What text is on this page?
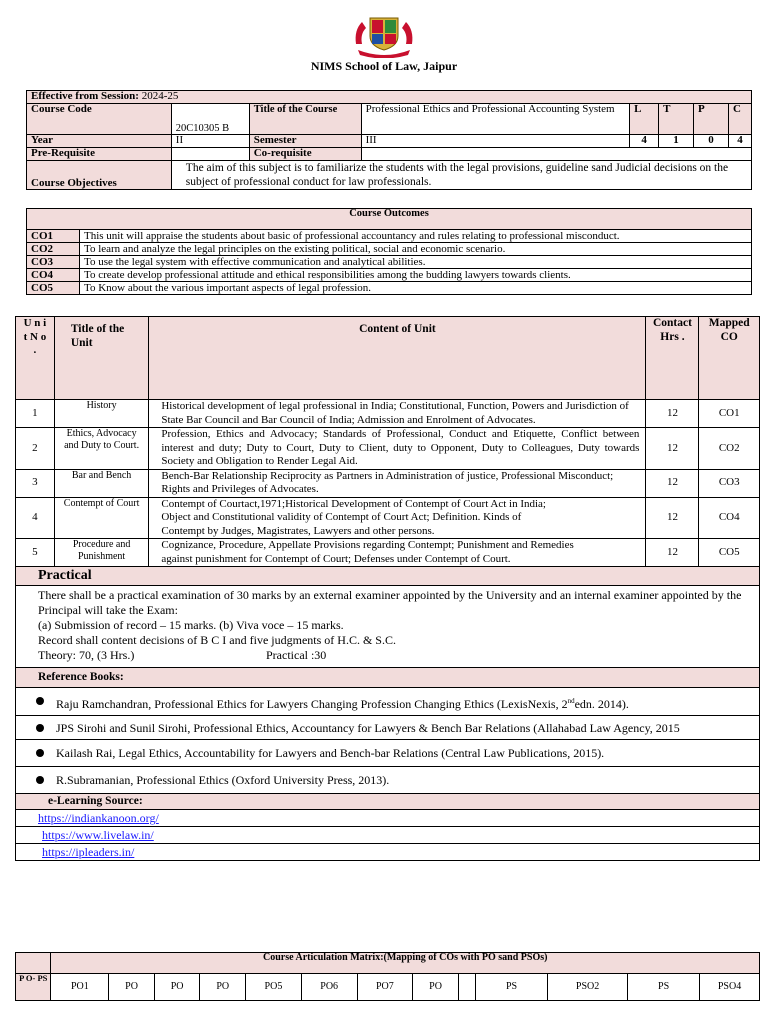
NIMS School of Law, Jaipur
Effective from Session: 2024-25							
Course Code	20C10305 B	Title of the Course	Professional Ethics and Professional Accounting System	L	T	P	C
Year	II	Semester	III	4	1	0	4
Pre-Requisite		Co-requisite					
Course Objectives	The aim of this subject is to familiarize the students with the legal provisions, guideline sand Judicial decisions on the subject of professional conduct for law professionals.						
Course Outcomes	
CO1	This unit will appraise the students about basic of professional accountancy and rules relating to professional misconduct.
CO2	To learn and analyze the legal principles on the existing political, social and economic scenario.
CO3	To use the legal system with effective communication and analytical abilities.
CO4	To create develop professional attitude and ethical responsibilities among the budding lawyers towards clients.
CO5	To Know about the various important aspects of legal profession.
U n it N o .	Title of the Unit	Content of Unit	Contact Hrs .	Mapped CO
1	History	Historical development of legal professional in India; Constitutional, Function, Powers and Jurisdiction of State Bar Council and Bar Council of India; Admission and Enrolment of Advocates.	12	CO1
2	Ethics, Advocacy and Duty to Court.	Profession, Ethics and Advocacy; Standards of Professional, Conduct and Etiquette, Conflict between interest and duty; Duty to Court, Duty to Client, duty to Opponent, Duty to Colleagues, Duty towards Society and Obligation to Render Legal Aid.	12	CO2
3	Bar and Bench	Bench-Bar Relationship Reciprocity as Partners in Administration of justice, Professional Misconduct; Rights and Privileges of Advocates.	12	CO3
4	Contempt of Court	Contempt of Courtact,1971;Historical Development of Contempt of Court Act in India; Object and Constitutional validity of Contempt of Court Act; Definition. Kinds of Contempt by Judges, Magistrates, Lawyers and other persons.	12	CO4
5	Procedure and Punishment	Cognizance, Procedure, Appellate Provisions regarding Contempt; Punishment and Remedies against punishment for Contempt of Court; Defenses under Contempt of Court.	12	CO5
Practical				

There shall be a practical examination of 30 marks by an external examiner appointed by the University and an internal examiner appointed by the Principal will take the Exam:
(a) Submission of record – 15 marks. (b) Viva voce – 15 marks.
Record shall content decisions of B C I and five judgments of H.C. & S.C.
Theory: 70, (3 Hrs.) Practical :30				

Reference Books:				

Raju Ramchandran, Professional Ethics for Lawyers Changing Profession Changing Ethics (LexisNexis, 2ndedn. 2014).				

JPS Sirohi and Sunil Sirohi, Professional Ethics, Accountancy for Lawyers & Bench Bar Relations (Allahabad Law Agency, 2015				

Kailash Rai, Legal Ethics, Accountability for Lawyers and Bench-bar Relations (Central Law Publications, 2015).				

R.Subramanian, Professional Ethics (Oxford University Press, 2013).				

e-Learning Source:				
https://indiankanoon.org/				
https://www.livelaw.in/				
https://ipleaders.in/				
	Course Articulation Matrix:(Mapping of COs with PO sand PSOs)												
P O- PS	PO1	PO	PO	PO	PO5	PO6	PO7	PO		PS	PSO2	PS	PSO4
